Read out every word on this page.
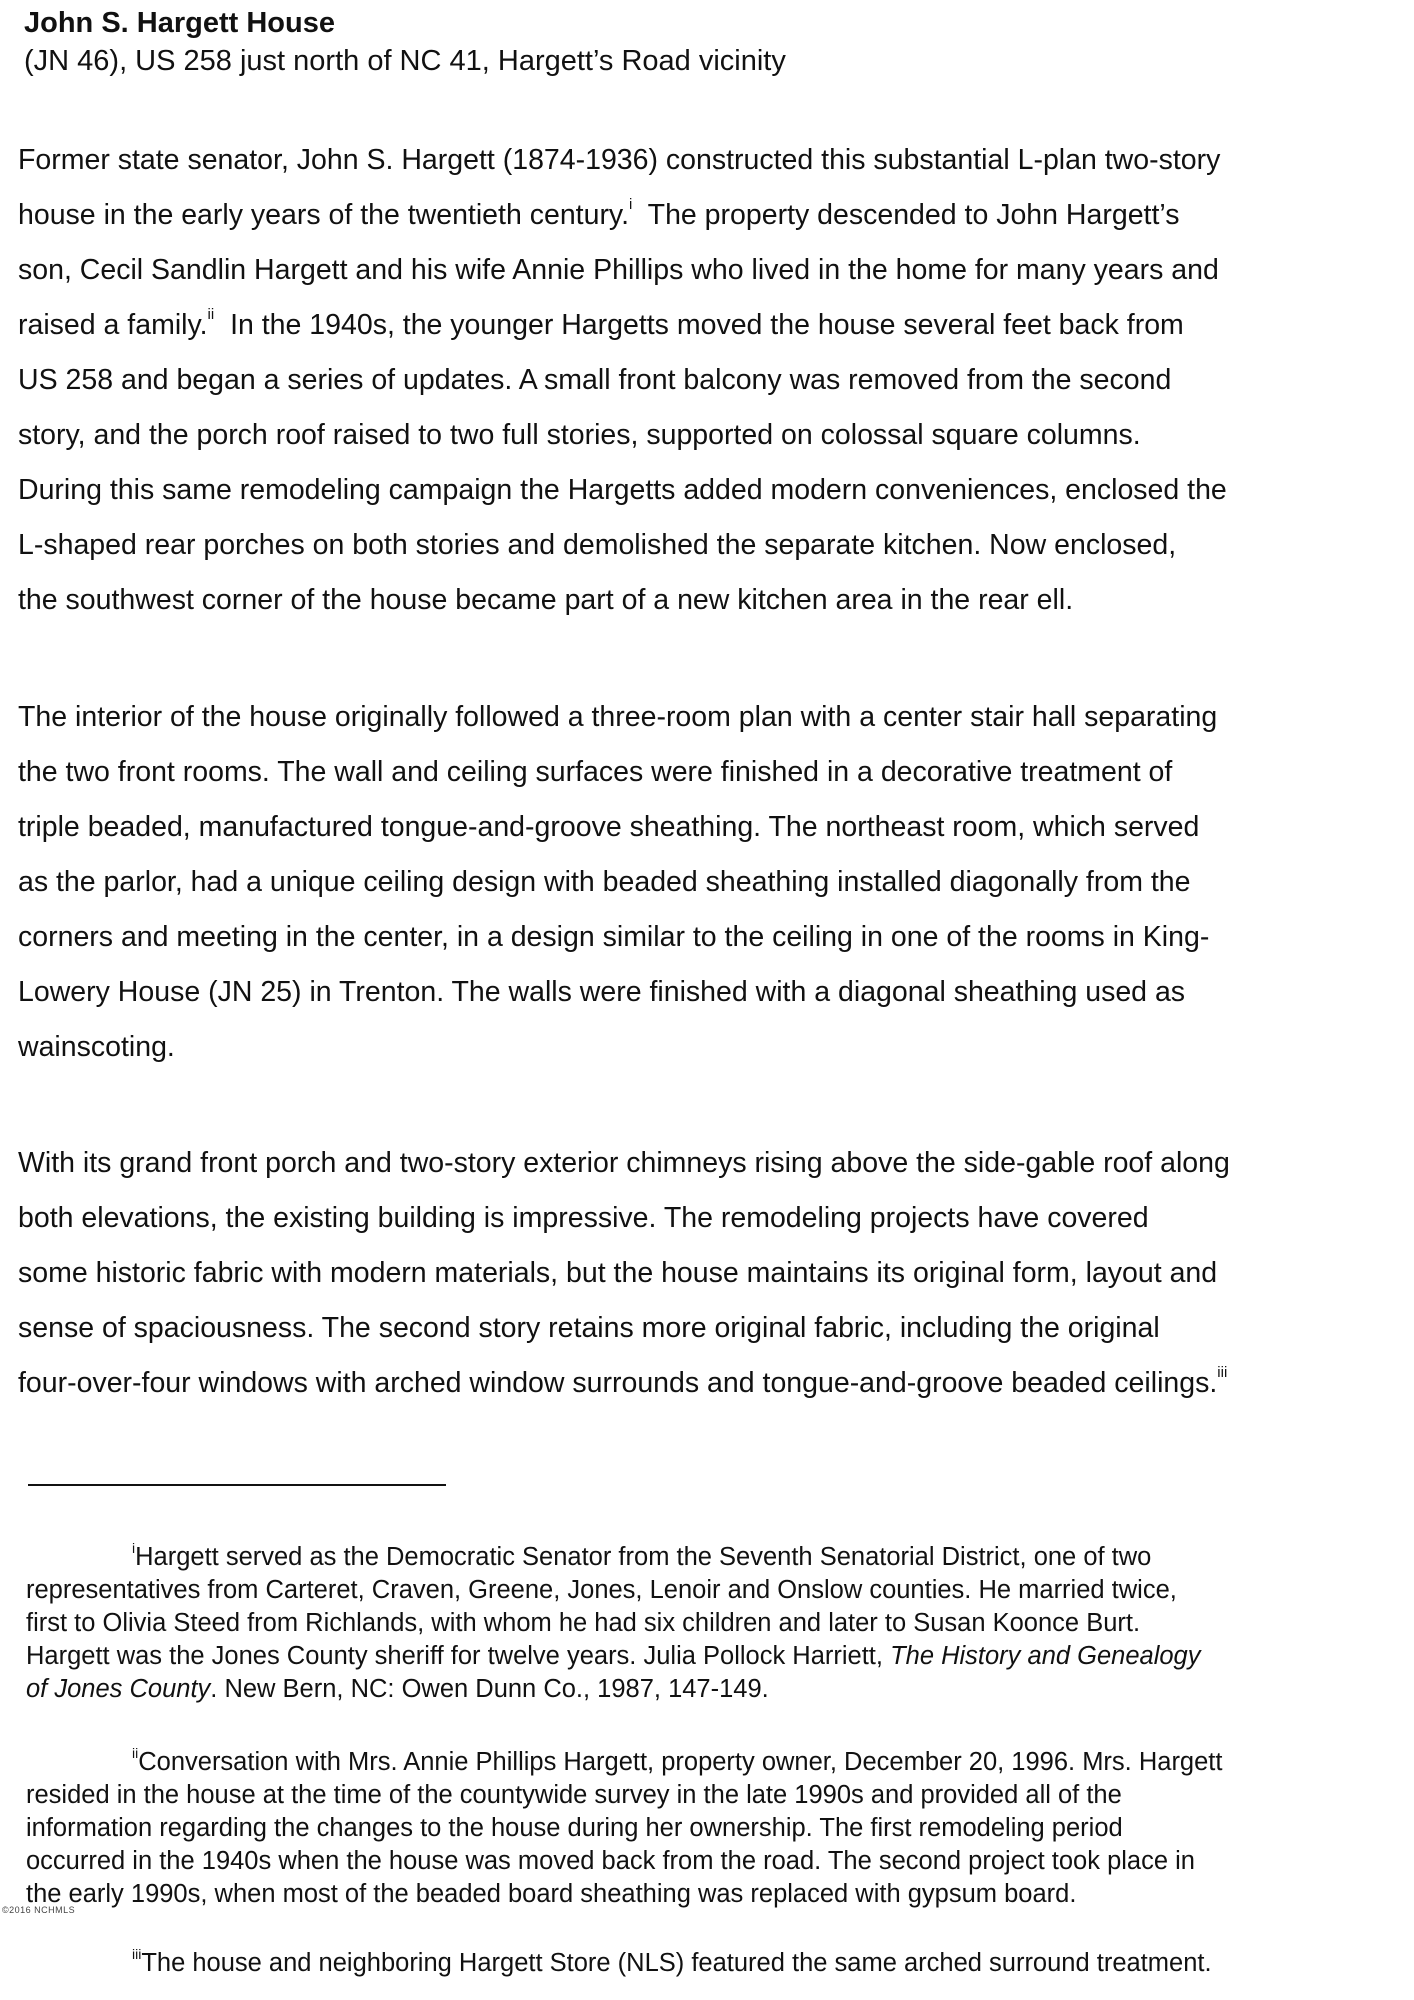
John S. Hargett House

(JN 46), US 258 just north of NC 41, Hargett’s Road vicinity

Former state senator, John S. Hargett (1874-1936) constructed this substantial L-plan two-story
house in the early years of the twentieth century.$^i$ The property descended to John Hargett’s
son, Cecil Sandlin Hargett and his wife Annie Phillips who lived in the home for many years and
raised a family.$^{ii}$ In the 1940s, the younger Hargetts moved the house several feet back from
US 258 and began a series of updates. A small front balcony was removed from the second
story, and the porch roof raised to two full stories, supported on colossal square columns.
During this same remodeling campaign the Hargetts added modern conveniences, enclosed the
L-shaped rear porches on both stories and demolished the separate kitchen. Now enclosed,
the southwest corner of the house became part of a new kitchen area in the rear ell.

The interior of the house originally followed a three-room plan with a center stair hall separating
the two front rooms. The wall and ceiling surfaces were finished in a decorative treatment of
triple beaded, manufactured tongue-and-groove sheathing. The northeast room, which served
as the parlor, had a unique ceiling design with beaded sheathing installed diagonally from the
corners and meeting in the center, in a design similar to the ceiling in one of the rooms in King-
Lowery House (JN 25) in Trenton. The walls were finished with a diagonal sheathing used as
wainscoting.

With its grand front porch and two-story exterior chimneys rising above the side-gable roof along
both elevations, the existing building is impressive. The remodeling projects have covered
some historic fabric with modern materials, but the house maintains its original form, layout and
sense of spaciousness. The second story retains more original fabric, including the original
four-over-four windows with arched window surrounds and tongue-and-groove beaded ceilings.$^{iii}$

$^i$Hargett served as the Democratic Senator from the Seventh Senatorial District, one of two
representatives from Carteret, Craven, Greene, Jones, Lenoir and Onslow counties. He married twice,
first to Olivia Steed from Richlands, with whom he had six children and later to Susan Koonce Burt.
Hargett was the Jones County sheriff for twelve years. Julia Pollock Harriett, The History and Genealogy
of Jones County. New Bern, NC: Owen Dunn Co., 1987, 147-149.

$^{ii}$Conversation with Mrs. Annie Phillips Hargett, property owner, December 20, 1996. Mrs. Hargett
resided in the house at the time of the countywide survey in the late 1990s and provided all of the
information regarding the changes to the house during her ownership. The first remodeling period
occurred in the 1940s when the house was moved back from the road. The second project took place in
the early 1990s, when most of the beaded board sheathing was replaced with gypsum board.

$^{iii}$The house and neighboring Hargett Store (NLS) featured the same arched surround treatment.

©2016 NCHMLS
